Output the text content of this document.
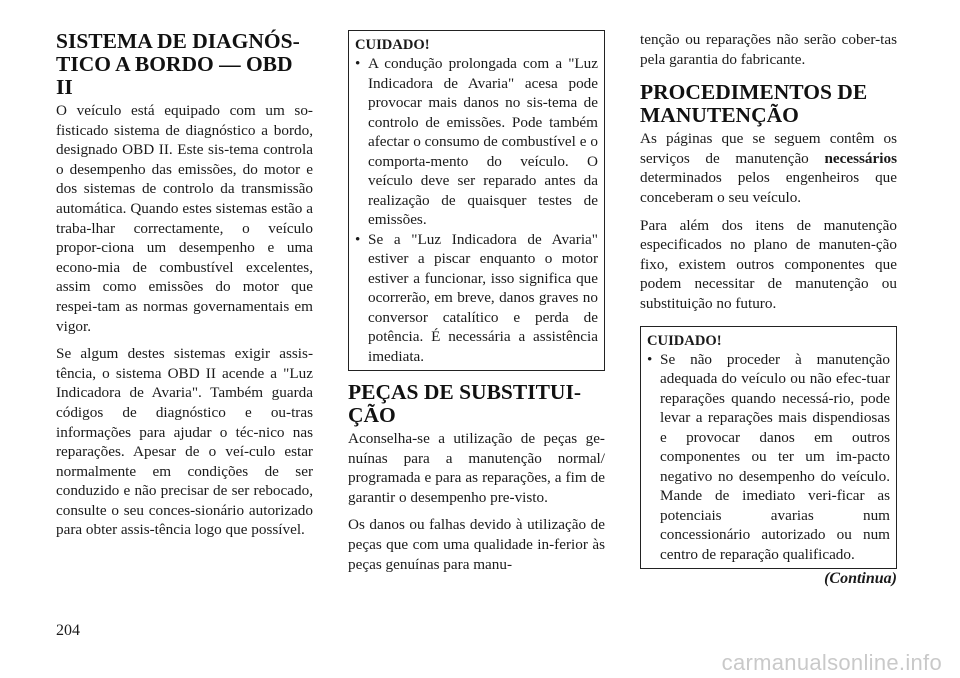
SISTEMA DE DIAGNÓS-
TICO A BORDO — OBD II

O veículo está equipado com um so-fisticado sistema de diagnóstico a bordo, designado OBD II. Este sis-tema controla o desempenho das emissões, do motor e dos sistemas de controlo da transmissão automática. Quando estes sistemas estão a traba-lhar correctamente, o veículo propor-ciona um desempenho e uma econo-mia de combustível excelentes, assim como emissões do motor que respei-tam as normas governamentais em vigor.

Se algum destes sistemas exigir assis-tência, o sistema OBD II acende a "Luz Indicadora de Avaria". Também guarda códigos de diagnóstico e ou-tras informações para ajudar o téc-nico nas reparações. Apesar de o veí-culo estar normalmente em condições de ser conduzido e não precisar de ser rebocado, consulte o seu conces-sionário autorizado para obter assis-tência logo que possível.

CUIDADO!
• A condução prolongada com a "Luz Indicadora de Avaria" acesa pode provocar mais danos no sis-tema de controlo de emissões. Pode também afectar o consumo de combustível e o comporta-mento do veículo. O veículo deve ser reparado antes da realização de quaisquer testes de emissões.
• Se a "Luz Indicadora de Avaria" estiver a piscar enquanto o motor estiver a funcionar, isso significa que ocorrerão, em breve, danos graves no conversor catalítico e perda de potência. É necessária a assistência imediata.
PEÇAS DE SUBSTITUI-
ÇÃO

Aconselha-se a utilização de peças ge-nuínas para a manutenção normal/ programada e para as reparações, a fim de garantir o desempenho pre-visto.

Os danos ou falhas devido à utilização de peças que com uma qualidade in-ferior às peças genuínas para manu-

tenção ou reparações não serão cober-tas pela garantia do fabricante.

PROCEDIMENTOS DE
MANUTENÇÃO

As páginas que se seguem contêm os serviços de manutenção necessários determinados pelos engenheiros que conceberam o seu veículo.

Para além dos itens de manutenção especificados no plano de manuten-ção fixo, existem outros componentes que podem necessitar de manutenção ou substituição no futuro.

CUIDADO!
• Se não proceder à manutenção adequada do veículo ou não efec-tuar reparações quando necessá-rio, pode levar a reparações mais dispendiosas e provocar danos em outros componentes ou ter um im-pacto negativo no desempenho do veículo. Mande de imediato veri-ficar as potenciais avarias num concessionário autorizado ou num centro de reparação qualificado.
(Continua)
204
carmanualsonline.info
